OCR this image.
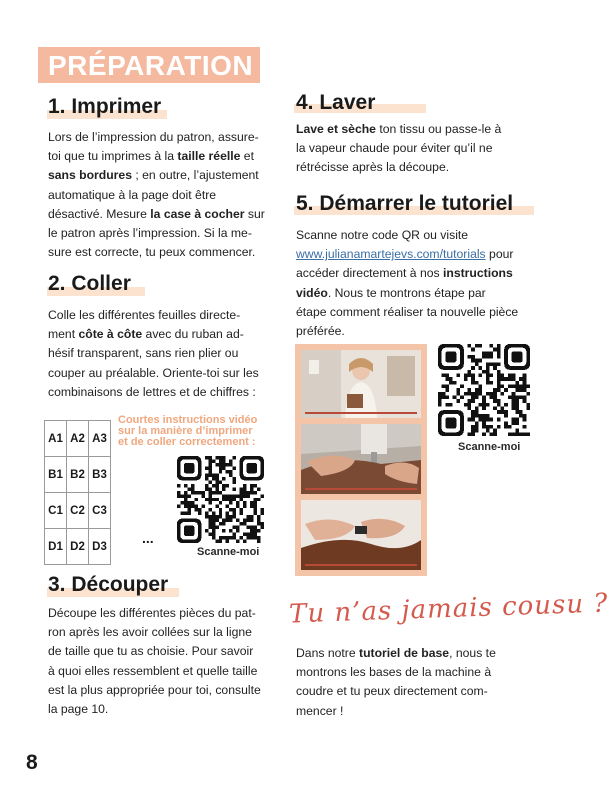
PRÉPARATION
1. Imprimer
Lors de l’impression du patron, assure-
toi que tu imprimes à la taille réelle et
sans bordures ; en outre, l’ajustement
automatique à la page doit être
désactivé. Mesure la case à cocher sur
le patron après l’impression. Si la me-
sure est correcte, tu peux commencer.
2. Coller
Colle les différentes feuilles directe-
ment côte à côte avec du ruban ad-
hésif transparent, sans rien plier ou
couper au préalable. Oriente-toi sur les
combinaisons de lettres et de chiffres :
A1	A2	A3
B1	B2	B3
C1	C2	C3
D1	D2	D3
...
Courtes instructions vidéo
sur la manière d’imprimer
et de coller correctement :
Scanne-moi
3. Découper
Découpe les différentes pièces du pat-
ron après les avoir collées sur la ligne
de taille que tu as choisie. Pour savoir
à quoi elles ressemblent et quelle taille
est la plus appropriée pour toi, consulte
la page 10.
8
4. Laver
Lave et sèche ton tissu ou passe-le à
la vapeur chaude pour éviter qu’il ne
rétrécisse après la découpe.
5. Démarrer le tutoriel
Scanne notre code QR ou visite
www.julianamartejevs.com/tutorials pour
accéder directement à nos instructions
vidéo. Nous te montrons étape par
étape comment réaliser ta nouvelle pièce
préférée.
Scanne-moi
Tu n’as jamais cousu ?
Dans notre tutoriel de base, nous te
montrons les bases de la machine à
coudre et tu peux directement com-
mencer !
